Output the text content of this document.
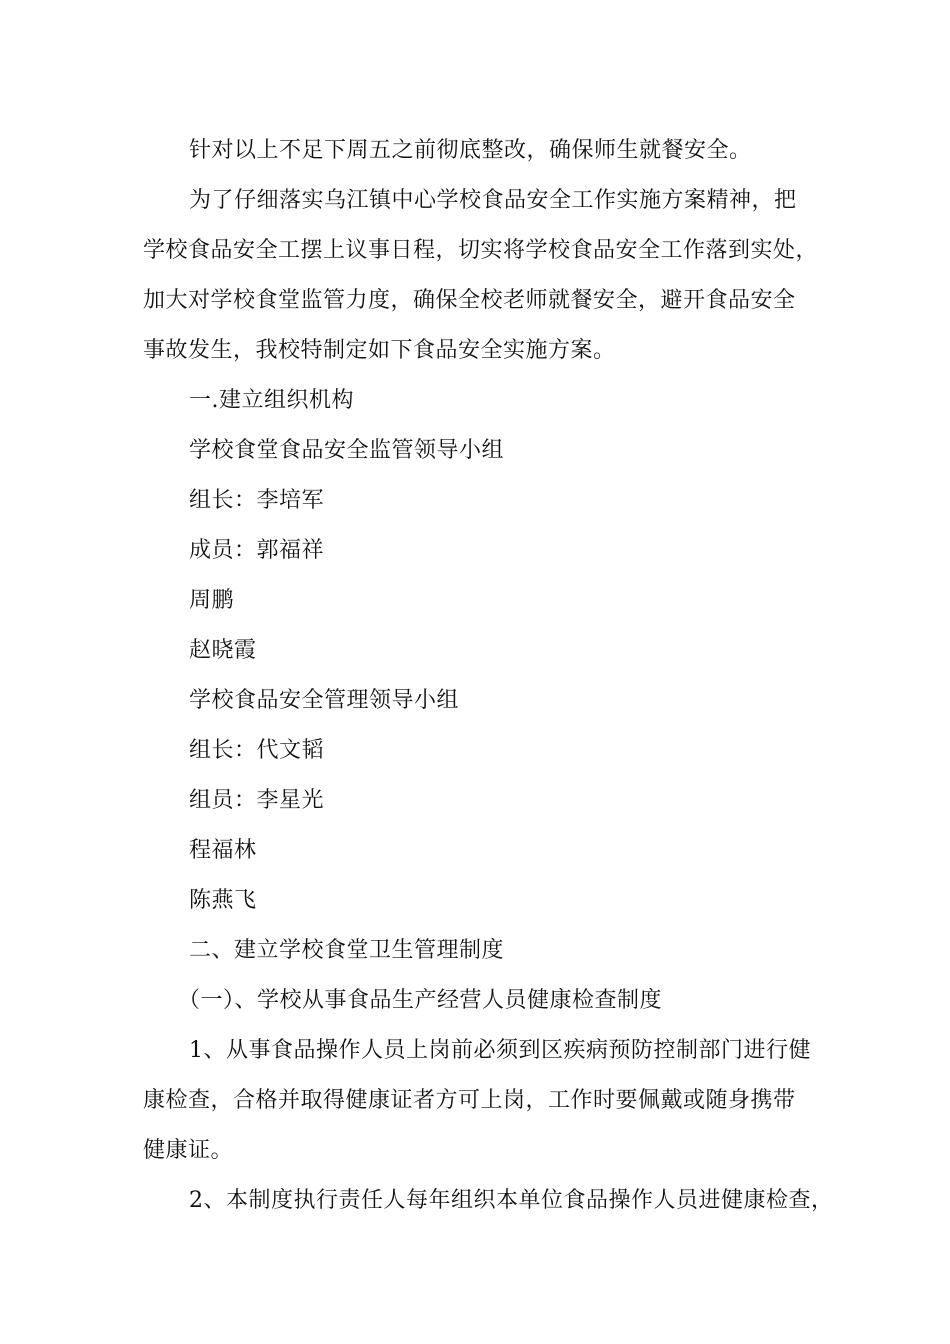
针对以上不足下周五之前彻底整改，确保师生就餐安全。
为了仔细落实乌江镇中心学校食品安全工作实施方案精神，把
学校食品安全工摆上议事日程，切实将学校食品安全工作落到实处，
加大对学校食堂监管力度，确保全校老师就餐安全，避开食品安全
事故发生，我校特制定如下食品安全实施方案。
一.建立组织机构
学校食堂食品安全监管领导小组
组长：李培军
成员：郭福祥
周鹏
赵晓霞
学校食品安全管理领导小组
组长：代文韬
组员：李星光
程福林
陈燕飞
二、建立学校食堂卫生管理制度
（一）、学校从事食品生产经营人员健康检查制度
1、从事食品操作人员上岗前必须到区疾病预防控制部门进行健
康检查，合格并取得健康证者方可上岗，工作时要佩戴或随身携带
健康证。
2、本制度执行责任人每年组织本单位食品操作人员进健康检查，
